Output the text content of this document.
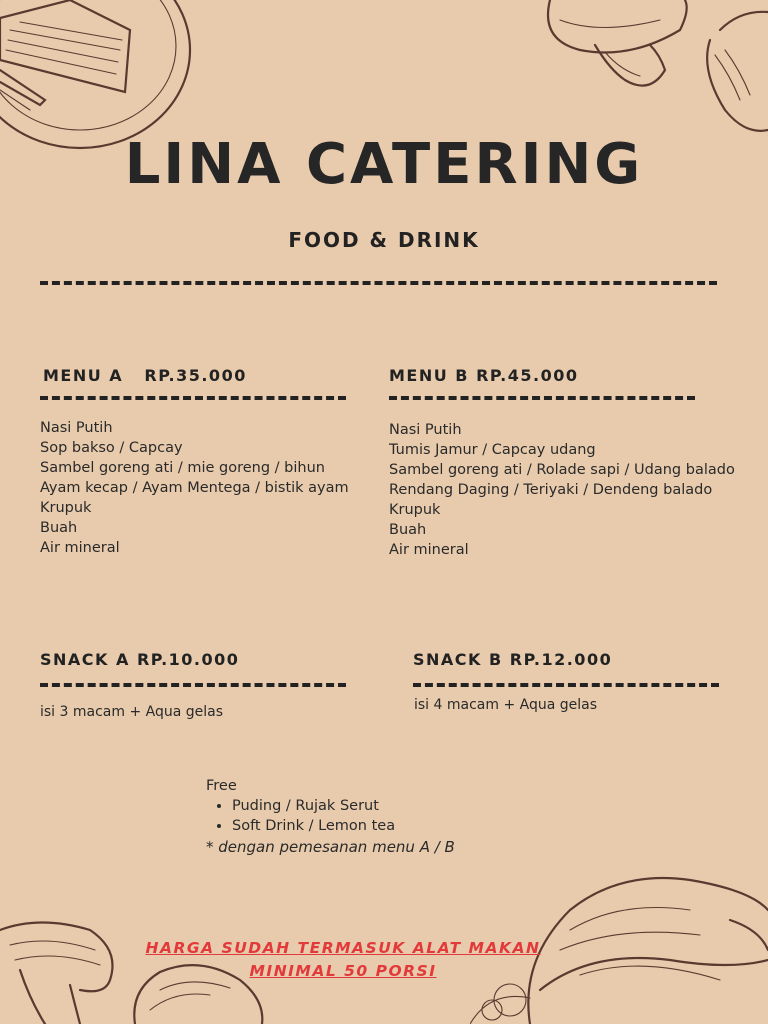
LINA CATERING
FOOD & DRINK
MENU A   RP.35.000
Nasi Putih
Sop bakso / Capcay
Sambel goreng ati / mie goreng / bihun
Ayam kecap / Ayam Mentega / bistik ayam
Krupuk
Buah
Air mineral
MENU B RP.45.000
Nasi Putih
Tumis Jamur / Capcay udang
Sambel goreng ati / Rolade sapi / Udang balado
Rendang Daging / Teriyaki / Dendeng balado
Krupuk
Buah
Air mineral
SNACK A RP.10.000
isi 3 macam + Aqua gelas
SNACK B RP.12.000
isi 4 macam + Aqua gelas
Free
• Puding / Rujak Serut
• Soft Drink / Lemon tea
* dengan pemesanan menu A / B
HARGA SUDAH TERMASUK ALAT MAKAN
MINIMAL 50 PORSI
